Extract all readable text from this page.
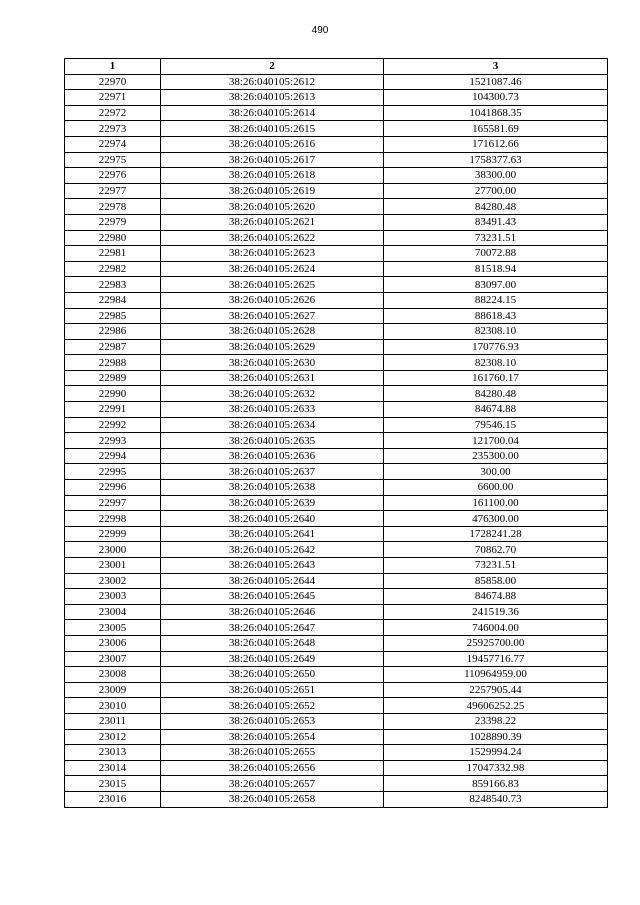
490
1	2	3
22970	38:26:040105:2612	1521087.46
22971	38:26:040105:2613	104300.73
22972	38:26:040105:2614	1041868.35
22973	38:26:040105:2615	165581.69
22974	38:26:040105:2616	171612.66
22975	38:26:040105:2617	1758377.63
22976	38:26:040105:2618	38300.00
22977	38:26:040105:2619	27700.00
22978	38:26:040105:2620	84280.48
22979	38:26:040105:2621	83491.43
22980	38:26:040105:2622	73231.51
22981	38:26:040105:2623	70072.88
22982	38:26:040105:2624	81518.94
22983	38:26:040105:2625	83097.00
22984	38:26:040105:2626	88224.15
22985	38:26:040105:2627	88618.43
22986	38:26:040105:2628	82308.10
22987	38:26:040105:2629	170776.93
22988	38:26:040105:2630	82308.10
22989	38:26:040105:2631	161760.17
22990	38:26:040105:2632	84280.48
22991	38:26:040105:2633	84674.88
22992	38:26:040105:2634	79546.15
22993	38:26:040105:2635	121700.04
22994	38:26:040105:2636	235300.00
22995	38:26:040105:2637	300.00
22996	38:26:040105:2638	6600.00
22997	38:26:040105:2639	161100.00
22998	38:26:040105:2640	476300.00
22999	38:26:040105:2641	1728241.28
23000	38:26:040105:2642	70862.70
23001	38:26:040105:2643	73231.51
23002	38:26:040105:2644	85858.00
23003	38:26:040105:2645	84674.88
23004	38:26:040105:2646	241519.36
23005	38:26:040105:2647	746004.00
23006	38:26:040105:2648	25925700.00
23007	38:26:040105:2649	19457716.77
23008	38:26:040105:2650	110964959.00
23009	38:26:040105:2651	2257905.44
23010	38:26:040105:2652	49606252.25
23011	38:26:040105:2653	23398.22
23012	38:26:040105:2654	1028890.39
23013	38:26:040105:2655	1529994.24
23014	38:26:040105:2656	17047332.98
23015	38:26:040105:2657	859166.83
23016	38:26:040105:2658	8248540.73
